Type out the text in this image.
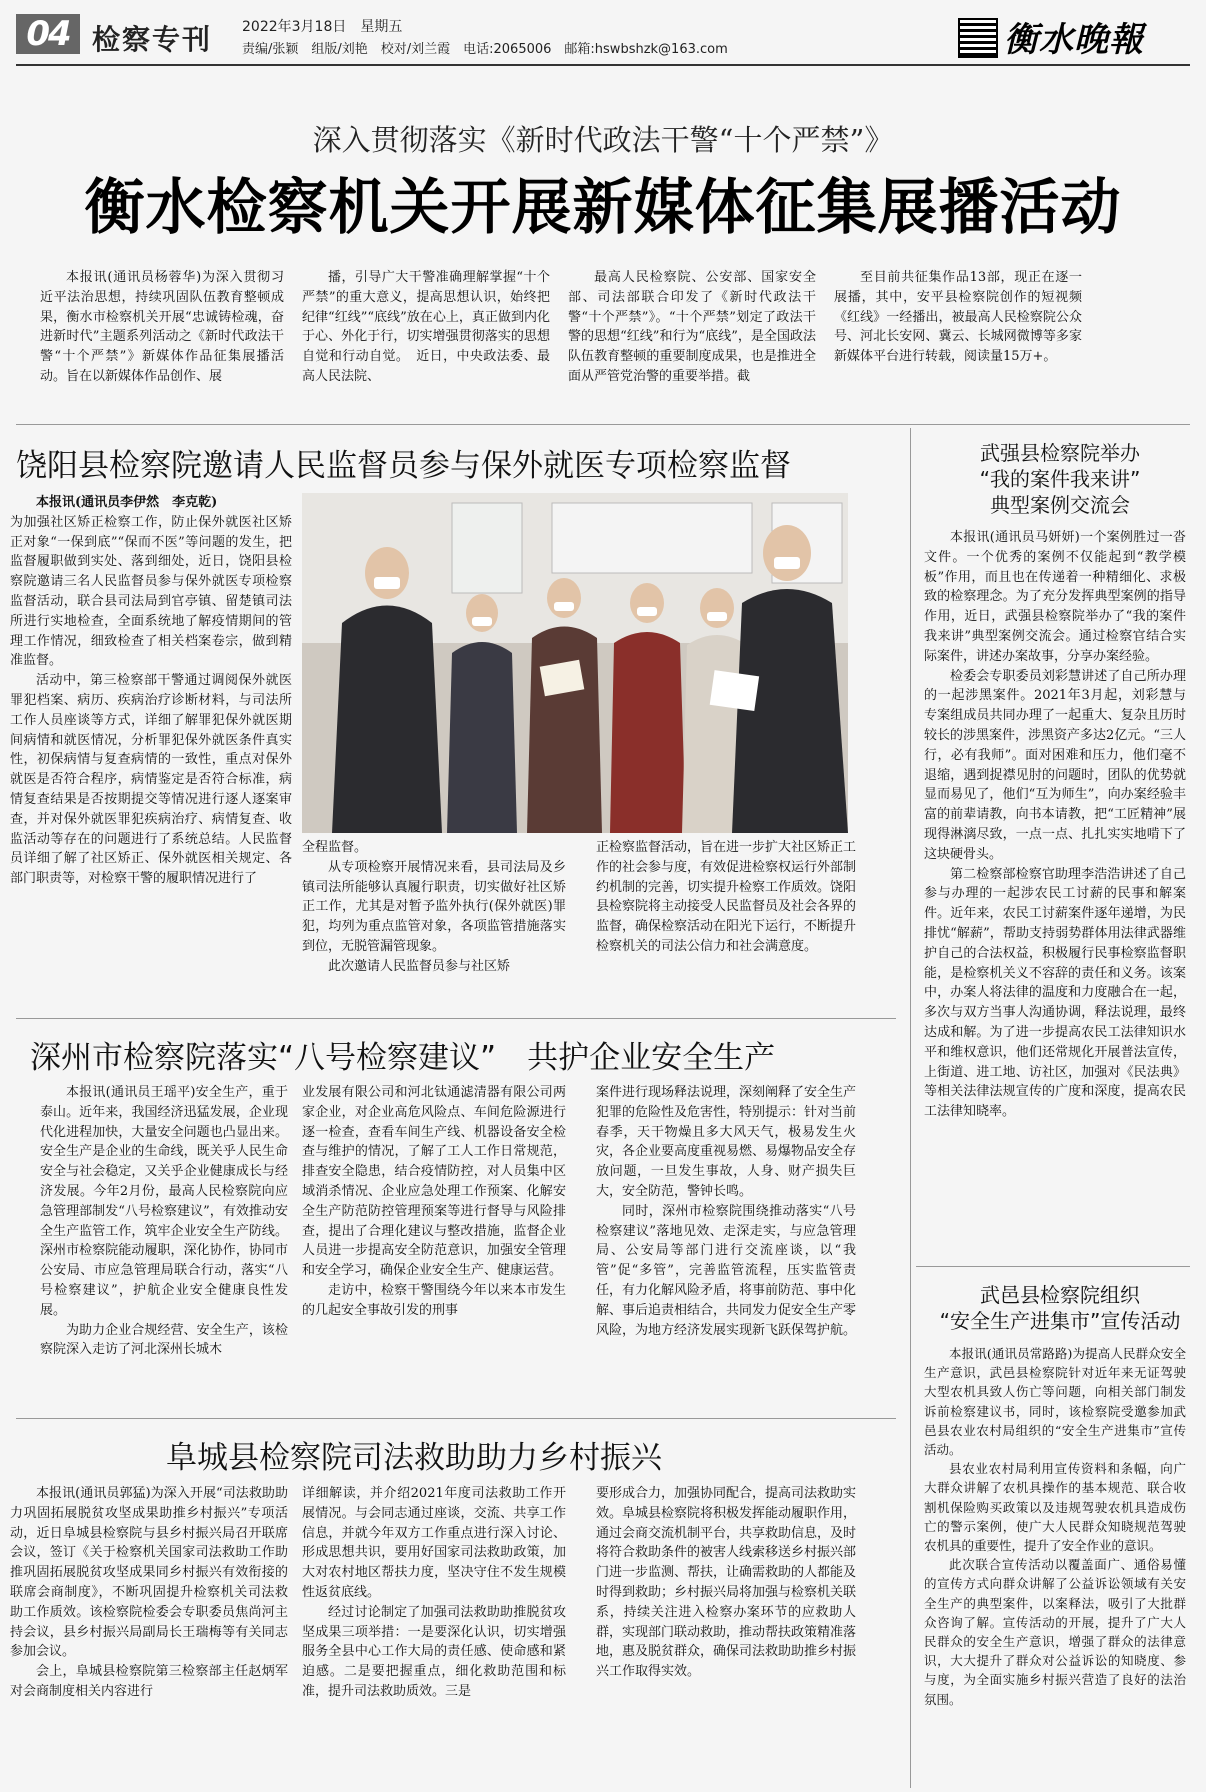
04 检察专刊 2022年3月18日　星期五
责编/张颖　组版/刘艳　校对/刘兰霞　电话:2065006　邮箱:hswbshzk@163.com	衡水晚報
深入贯彻落实《新时代政法干警“十个严禁”》
衡水检察机关开展新媒体征集展播活动

本报讯(通讯员杨蓉华)为深入贯彻习近平法治思想，持续巩固队伍教育整顿成果，衡水市检察机关开展“忠诚铸检魂，奋进新时代”主题系列活动之《新时代政法干警“十个严禁”》新媒体作品征集展播活动。旨在以新媒体作品创作、展

播，引导广大干警准确理解掌握“十个严禁”的重大意义，提高思想认识，始终把纪律“红线”“底线”放在心上，真正做到内化于心、外化于行，切实增强贯彻落实的思想自觉和行动自觉。　近日，中央政法委、最高人民法院、

最高人民检察院、公安部、国家安全部、司法部联合印发了《新时代政法干警“十个严禁”》。“十个严禁”划定了政法干警的思想“红线”和行为“底线”，是全国政法队伍教育整顿的重要制度成果，也是推进全面从严管党治警的重要举措。截

至目前共征集作品13部，现正在逐一展播，其中，安平县检察院创作的短视频《红线》一经播出，被最高人民检察院公众号、河北长安网、冀云、长城网微博等多家新媒体平台进行转载，阅读量15万+。

饶阳县检察院邀请人民监督员参与保外就医专项检察监督

本报讯(通讯员李伊然　李克乾)

为加强社区矫正检察工作，防止保外就医社区矫正对象“一保到底”“保而不医”等问题的发生，把监督履职做到实处、落到细处，近日，饶阳县检察院邀请三名人民监督员参与保外就医专项检察监督活动，联合县司法局到官亭镇、留楚镇司法所进行实地检查，全面系统地了解疫情期间的管理工作情况，细致检查了相关档案卷宗，做到精准监督。

活动中，第三检察部干警通过调阅保外就医罪犯档案、病历、疾病治疗诊断材料，与司法所工作人员座谈等方式，详细了解罪犯保外就医期间病情和就医情况，分析罪犯保外就医条件真实性，初保病情与复查病情的一致性，重点对保外就医是否符合程序，病情鉴定是否符合标准，病情复查结果是否按期提交等情况进行逐人逐案审查，并对保外就医罪犯疾病治疗、病情复查、收监活动等存在的问题进行了系统总结。人民监督员详细了解了社区矫正、保外就医相关规定、各部门职责等，对检察干警的履职情况进行了

全程监督。

从专项检察开展情况来看，县司法局及乡镇司法所能够认真履行职责，切实做好社区矫正工作，尤其是对暂予监外执行(保外就医)罪犯，均列为重点监管对象，各项监管措施落实到位，无脱管漏管现象。

此次邀请人民监督员参与社区矫

正检察监督活动，旨在进一步扩大社区矫正工作的社会参与度，有效促进检察权运行外部制约机制的完善，切实提升检察工作质效。饶阳县检察院将主动接受人民监督员及社会各界的监督，确保检察活动在阳光下运行，不断提升检察机关的司法公信力和社会满意度。

深州市检察院落实“八号检察建议”　共护企业安全生产

本报讯(通讯员王瑶平)安全生产，重于泰山。近年来，我国经济迅猛发展，企业现代化进程加快，大量安全问题也凸显出来。安全生产是企业的生命线，既关乎人民生命安全与社会稳定，又关乎企业健康成长与经济发展。今年2月份，最高人民检察院向应急管理部制发“八号检察建议”，有效推动安全生产监管工作，筑牢企业安全生产防线。深州市检察院能动履职，深化协作，协同市公安局、市应急管理局联合行动，落实“八号检察建议”，护航企业安全健康良性发展。

为助力企业合规经营、安全生产，该检察院深入走访了河北深州长城木

业发展有限公司和河北钛通滤清器有限公司两家企业，对企业高危风险点、车间危险源进行逐一检查，查看车间生产线、机器设备安全检查与维护的情况，了解了工人工作日常规范，排查安全隐患，结合疫情防控，对人员集中区域消杀情况、企业应急处理工作预案、化解安全生产防范防控管理预案等进行督导与风险排查，提出了合理化建议与整改措施，监督企业人员进一步提高安全防范意识，加强安全管理和安全学习，确保企业安全生产、健康运营。

走访中，检察干警围绕今年以来本市发生的几起安全事故引发的刑事

案件进行现场释法说理，深刻阐释了安全生产犯罪的危险性及危害性，特别提示：针对当前春季，天干物燥且多大风天气，极易发生火灾，各企业要高度重视易燃、易爆物品安全存放问题，一旦发生事故，人身、财产损失巨大，安全防范，警钟长鸣。

同时，深州市检察院围绕推动落实“八号检察建议”落地见效、走深走实，与应急管理局、公安局等部门进行交流座谈，以“我管”促“多管”，完善监管流程，压实监管责任，有力化解风险矛盾，将事前防范、事中化解、事后追责相结合，共同发力促安全生产零风险，为地方经济发展实现新飞跃保驾护航。

阜城县检察院司法救助助力乡村振兴

本报讯(通讯员郭猛)为深入开展“司法救助助力巩固拓展脱贫攻坚成果助推乡村振兴”专项活动，近日阜城县检察院与县乡村振兴局召开联席会议，签订《关于检察机关国家司法救助工作助推巩固拓展脱贫攻坚成果同乡村振兴有效衔接的联席会商制度》，不断巩固提升检察机关司法救助工作质效。该检察院检委会专职委员焦尚河主持会议，县乡村振兴局副局长王瑞梅等有关同志参加会议。

会上，阜城县检察院第三检察部主任赵炳军对会商制度相关内容进行

详细解读，并介绍2021年度司法救助工作开展情况。与会同志通过座谈，交流、共享工作信息，并就今年双方工作重点进行深入讨论、形成思想共识，要用好国家司法救助政策，加大对农村地区帮扶力度，坚决守住不发生规模性返贫底线。

经过讨论制定了加强司法救助助推脱贫攻坚成果三项举措：一是要深化认识，切实增强服务全县中心工作大局的责任感、使命感和紧迫感。二是要把握重点，细化救助范围和标准，提升司法救助质效。三是

要形成合力，加强协同配合，提高司法救助实效。阜城县检察院将积极发挥能动履职作用，通过会商交流机制平台，共享救助信息，及时将符合救助条件的被害人线索移送乡村振兴部门进一步监测、帮扶，让确需救助的人都能及时得到救助；乡村振兴局将加强与检察机关联系，持续关注进入检察办案环节的应救助人群，实现部门联动救助，推动帮扶政策精准落地，惠及脱贫群众，确保司法救助助推乡村振兴工作取得实效。

武强县检察院举办
“我的案件我来讲”
典型案例交流会

本报讯(通讯员马妍妍)一个案例胜过一沓文件。一个优秀的案例不仅能起到“教学模板”作用，而且也在传递着一种精细化、求极致的检察理念。为了充分发挥典型案例的指导作用，近日，武强县检察院举办了“我的案件我来讲”典型案例交流会。通过检察官结合实际案件，讲述办案故事，分享办案经验。

检委会专职委员刘彩慧讲述了自己所办理的一起涉黑案件。2021年3月起，刘彩慧与专案组成员共同办理了一起重大、复杂且历时较长的涉黑案件，涉黑资产多达2亿元。“三人行，必有我师”。面对困难和压力，他们毫不退缩，遇到捉襟见肘的问题时，团队的优势就显而易见了，他们“互为师生”，向办案经验丰富的前辈请教，向书本请教，把“工匠精神”展现得淋漓尽致，一点一点、扎扎实实地啃下了这块硬骨头。

第二检察部检察官助理李浩浩讲述了自己参与办理的一起涉农民工讨薪的民事和解案件。近年来，农民工讨薪案件逐年递增，为民排忧“解薪”，帮助支持弱势群体用法律武器维护自己的合法权益，积极履行民事检察监督职能，是检察机关义不容辞的责任和义务。该案中，办案人将法律的温度和力度融合在一起，多次与双方当事人沟通协调，释法说理，最终达成和解。为了进一步提高农民工法律知识水平和维权意识，他们还常规化开展普法宣传，上街道、进工地、访社区，加强对《民法典》等相关法律法规宣传的广度和深度，提高农民工法律知晓率。

武邑县检察院组织
“安全生产进集市”宣传活动

本报讯(通讯员常路路)为提高人民群众安全生产意识，武邑县检察院针对近年来无证驾驶大型农机具致人伤亡等问题，向相关部门制发诉前检察建议书，同时，该检察院受邀参加武邑县农业农村局组织的“安全生产进集市”宣传活动。

县农业农村局利用宣传资料和条幅，向广大群众讲解了农机具操作的基本规范、联合收割机保险购买政策以及违规驾驶农机具造成伤亡的警示案例，使广大人民群众知晓规范驾驶农机具的重要性，提升了安全作业的意识。

此次联合宣传活动以覆盖面广、通俗易懂的宣传方式向群众讲解了公益诉讼领域有关安全生产的典型案件，以案释法，吸引了大批群众咨询了解。宣传活动的开展，提升了广大人民群众的安全生产意识，增强了群众的法律意识，大大提升了群众对公益诉讼的知晓度、参与度，为全面实施乡村振兴营造了良好的法治氛围。
